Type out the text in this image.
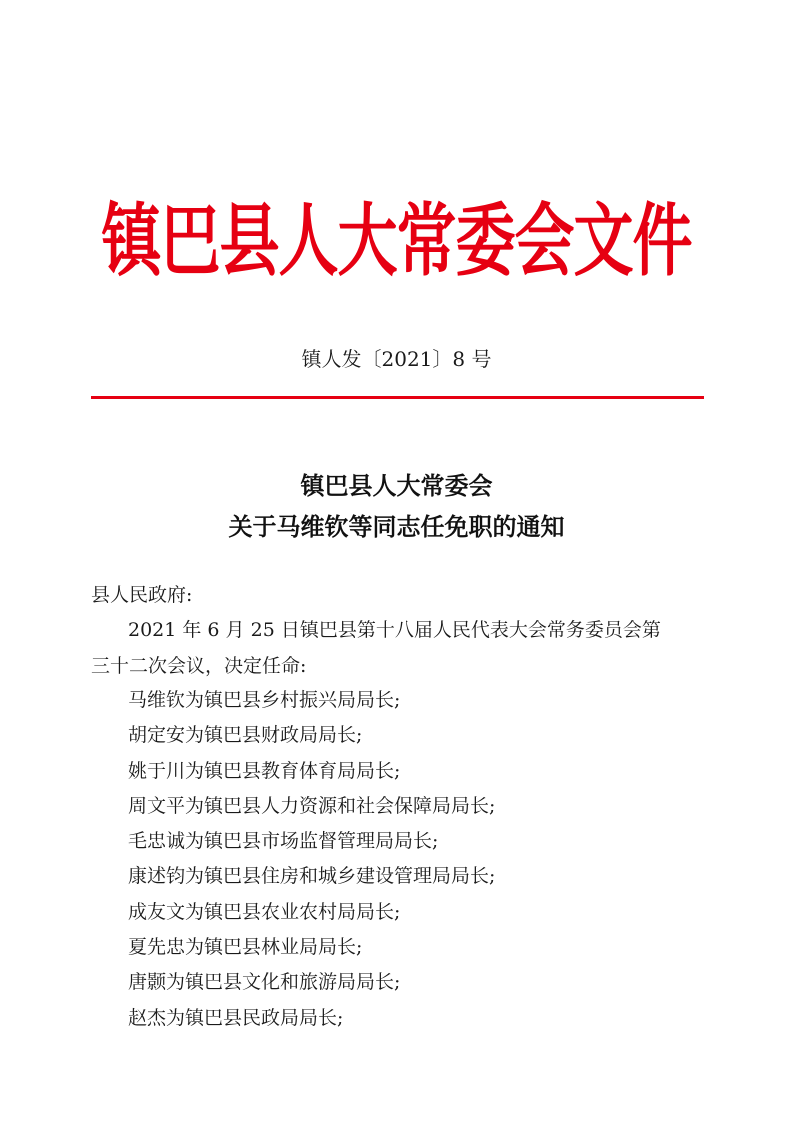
镇巴县人大常委会文件
镇人发〔2021〕8 号
镇巴县人大常委会
关于马维钦等同志任免职的通知
县人民政府:
2021 年 6 月 25 日镇巴县第十八届人民代表大会常务委员会第
三十二次会议，决定任命:
马维钦为镇巴县乡村振兴局局长;
胡定安为镇巴县财政局局长;
姚于川为镇巴县教育体育局局长;
周文平为镇巴县人力资源和社会保障局局长;
毛忠诚为镇巴县市场监督管理局局长;
康述钧为镇巴县住房和城乡建设管理局局长;
成友文为镇巴县农业农村局局长;
夏先忠为镇巴县林业局局长;
唐颢为镇巴县文化和旅游局局长;
赵杰为镇巴县民政局局长;
